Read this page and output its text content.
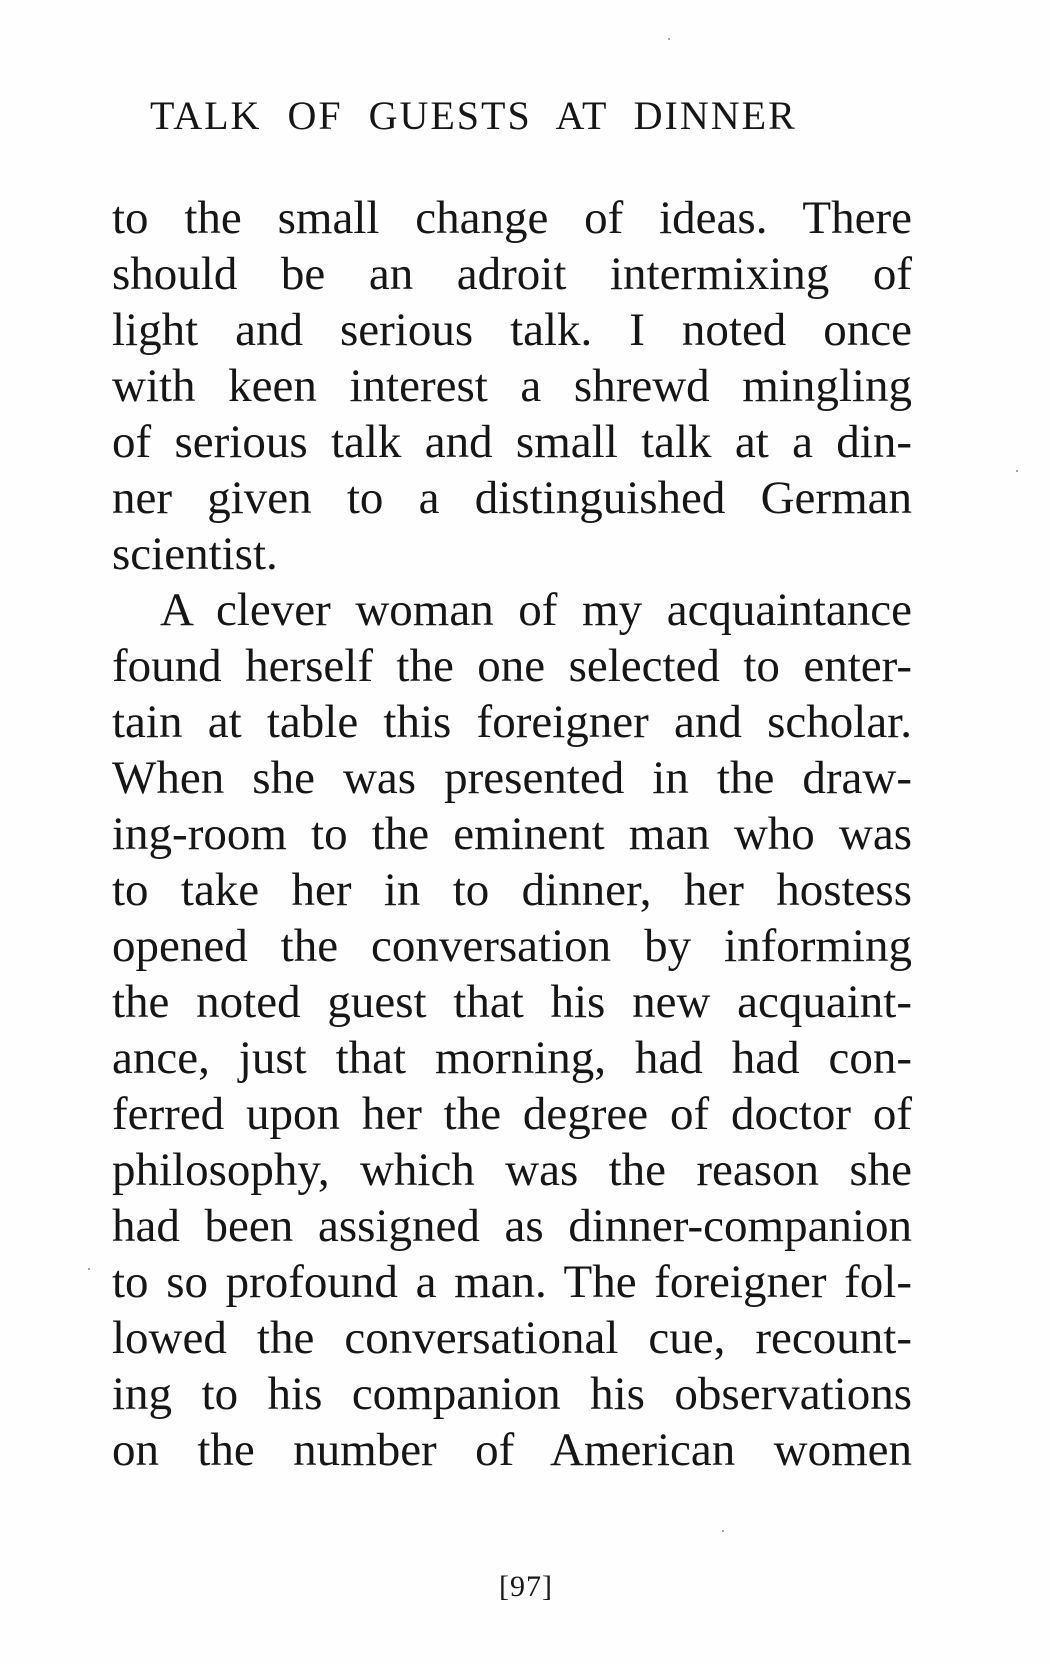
TALK OF GUESTS AT DINNER
to the small change of ideas. There
should be an adroit intermixing of
light and serious talk. I noted once
with keen interest a shrewd mingling
of serious talk and small talk at a din-
ner given to a distinguished German
scientist.
A clever woman of my acquaintance
found herself the one selected to enter-
tain at table this foreigner and scholar.
When she was presented in the draw-
ing-room to the eminent man who was
to take her in to dinner, her hostess
opened the conversation by informing
the noted guest that his new acquaint-
ance, just that morning, had had con-
ferred upon her the degree of doctor of
philosophy, which was the reason she
had been assigned as dinner-companion
to so profound a man. The foreigner fol-
lowed the conversational cue, recount-
ing to his companion his observations
on the number of American women
[97]
